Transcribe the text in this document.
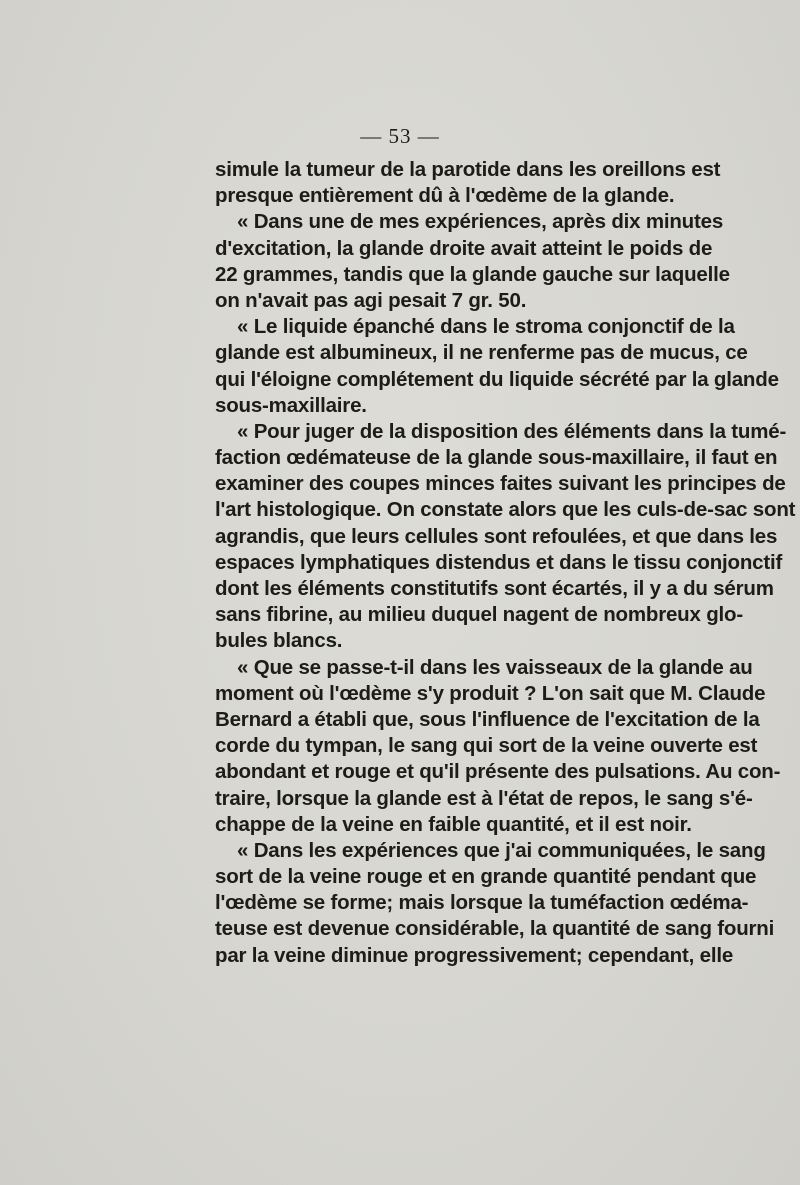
— 53 —
simule la tumeur de la parotide dans les oreillons est
presque entièrement dû à l'œdème de la glande.
« Dans une de mes expériences, après dix minutes
d'excitation, la glande droite avait atteint le poids de
22 grammes, tandis que la glande gauche sur laquelle
on n'avait pas agi pesait 7 gr. 50.
« Le liquide épanché dans le stroma conjonctif de la
glande est albumineux, il ne renferme pas de mucus, ce
qui l'éloigne complétement du liquide sécrété par la glande
sous-maxillaire.
« Pour juger de la disposition des éléments dans la tumé-
faction œdémateuse de la glande sous-maxillaire, il faut en
examiner des coupes minces faites suivant les principes de
l'art histologique. On constate alors que les culs-de-sac sont
agrandis, que leurs cellules sont refoulées, et que dans les
espaces lymphatiques distendus et dans le tissu conjonctif
dont les éléments constitutifs sont écartés, il y a du sérum
sans fibrine, au milieu duquel nagent de nombreux glo-
bules blancs.
« Que se passe-t-il dans les vaisseaux de la glande au
moment où l'œdème s'y produit ? L'on sait que M. Claude
Bernard a établi que, sous l'influence de l'excitation de la
corde du tympan, le sang qui sort de la veine ouverte est
abondant et rouge et qu'il présente des pulsations. Au con-
traire, lorsque la glande est à l'état de repos, le sang s'é-
chappe de la veine en faible quantité, et il est noir.
« Dans les expériences que j'ai communiquées, le sang
sort de la veine rouge et en grande quantité pendant que
l'œdème se forme; mais lorsque la tuméfaction œdéma-
teuse est devenue considérable, la quantité de sang fourni
par la veine diminue progressivement; cependant, elle
